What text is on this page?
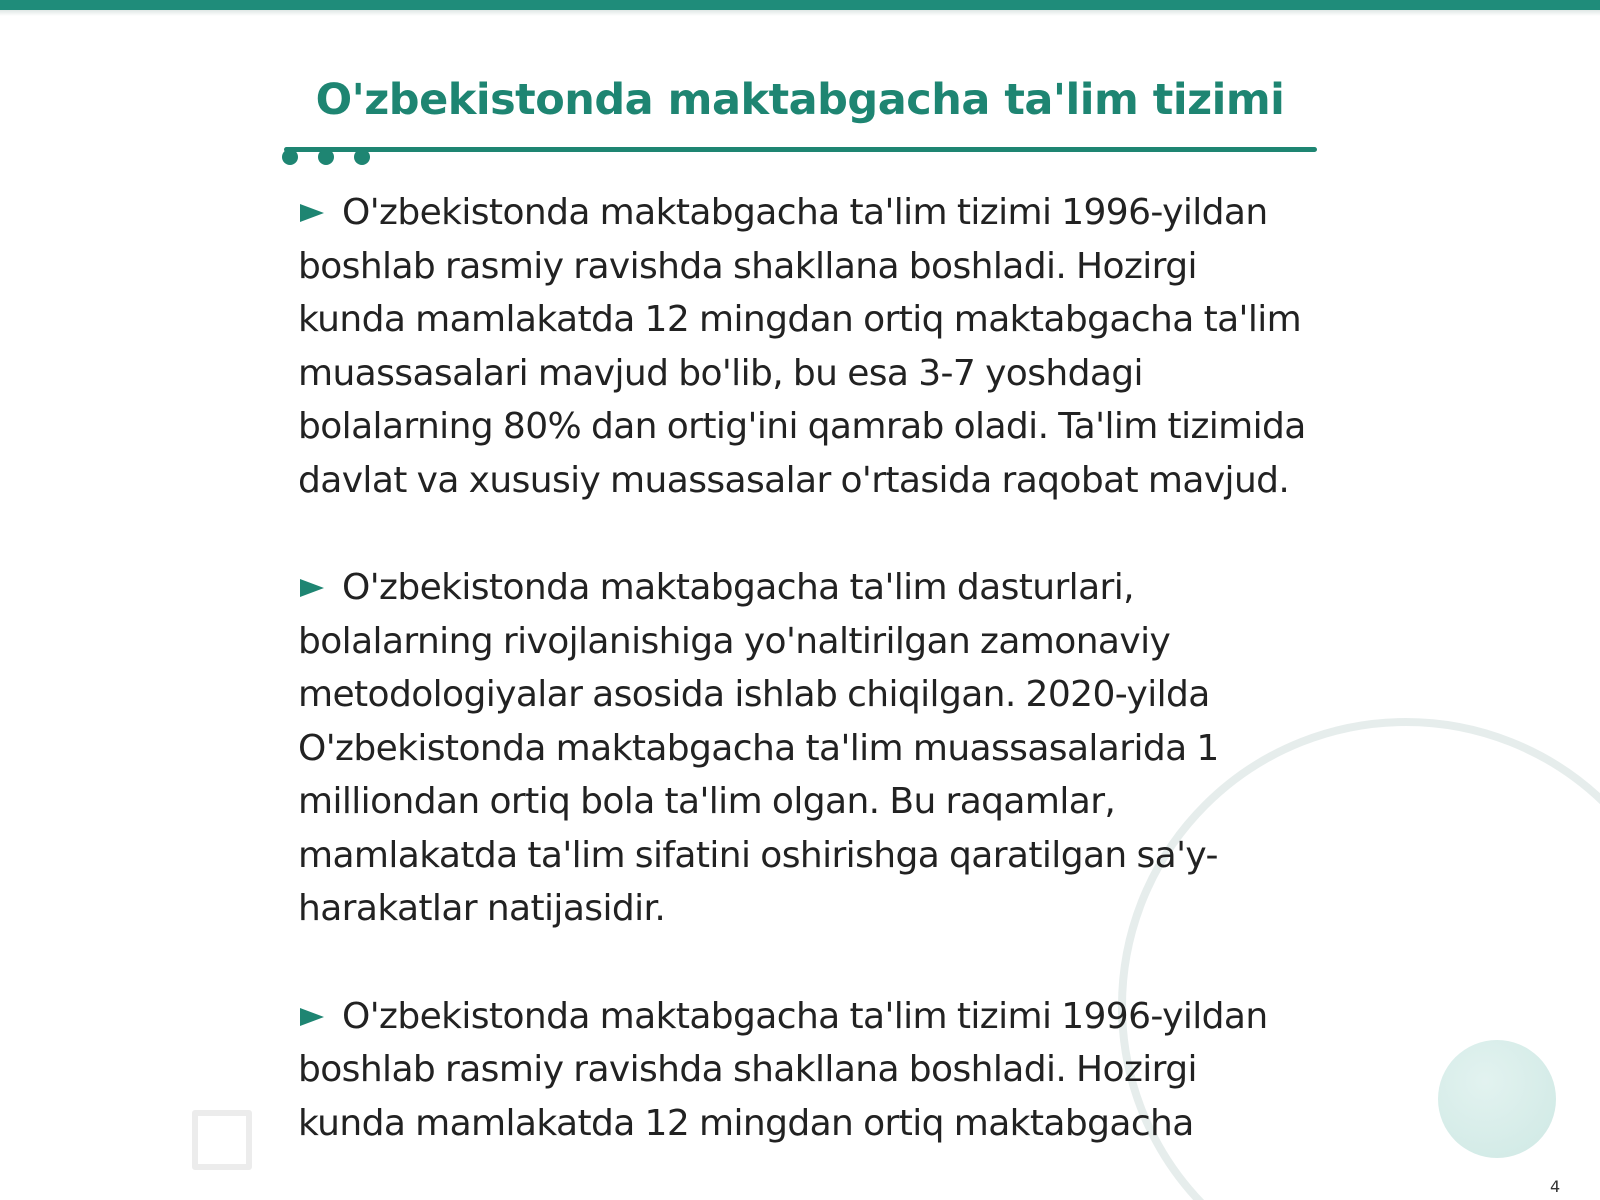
O'zbekistonda maktabgacha ta'lim tizimi

O'zbekistonda maktabgacha ta'lim tizimi 1996-yildan boshlab rasmiy ravishda shakllana boshladi. Hozirgi kunda mamlakatda 12 mingdan ortiq maktabgacha ta'lim muassasalari mavjud bo'lib, bu esa 3-7 yoshdagi bolalarning 80% dan ortig'ini qamrab oladi. Ta'lim tizimida davlat va xususiy muassasalar o'rtasida raqobat mavjud.

O'zbekistonda maktabgacha ta'lim dasturlari, bolalarning rivojlanishiga yo'naltirilgan zamonaviy metodologiyalar asosida ishlab chiqilgan. 2020-yilda O'zbekistonda maktabgacha ta'lim muassasalarida 1 milliondan ortiq bola ta'lim olgan. Bu raqamlar, mamlakatda ta'lim sifatini oshirishga qaratilgan sa'y-harakatlar natijasidir.

O'zbekistonda maktabgacha ta'lim tizimi 1996-yildan boshlab rasmiy ravishda shakllana boshladi. Hozirgi kunda mamlakatda 12 mingdan ortiq maktabgacha

4
